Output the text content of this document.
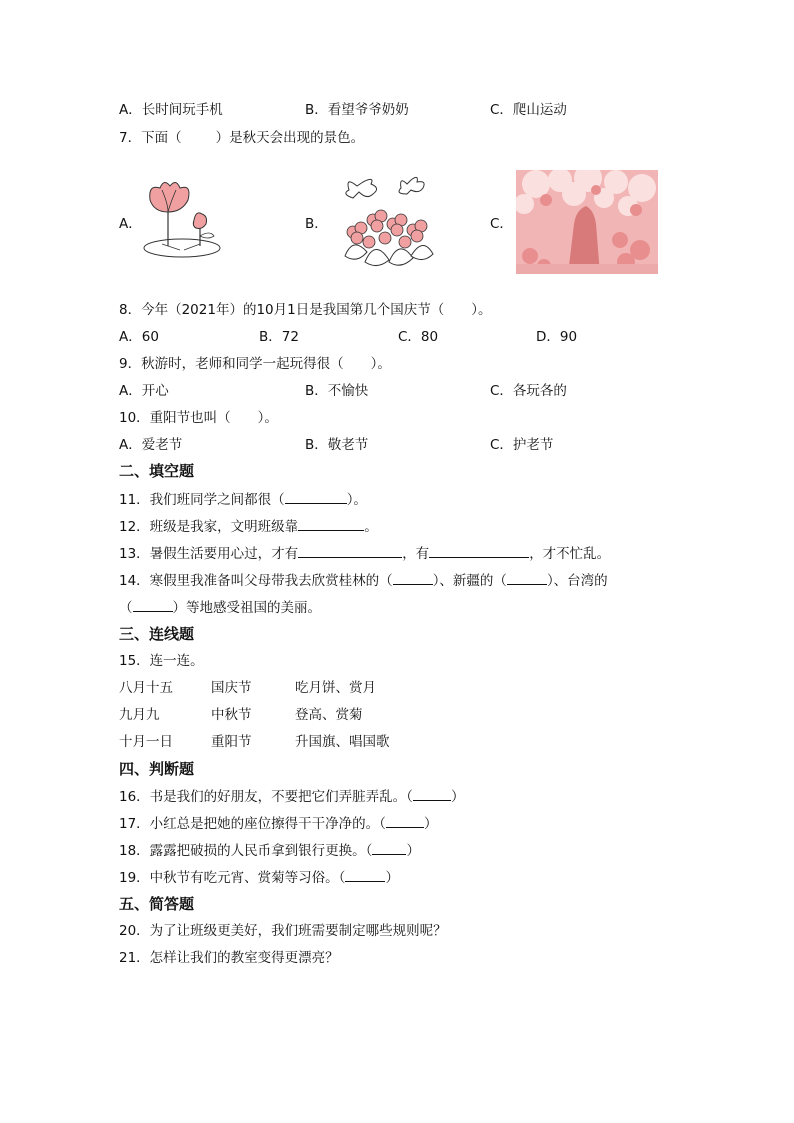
A．长时间玩手机	B．看望爷爷奶奶	C．爬山运动
7．下面（	）是秋天会出现的景色。
A．	B．	C．
8．今年（2021年）的10月1日是我国第几个国庆节（　　）。
A．60	B．72	C．80	D．90
9．秋游时，老师和同学一起玩得很（　　）。
A．开心	B．不愉快	C．各玩各的
10．重阳节也叫（　　）。
A．爱老节	B．敬老节	C．护老节
二、填空题
11．我们班同学之间都很（	）。
12．班级是我家，文明班级靠	。
13．暑假生活要用心过，才有	，有	，才不忙乱。
14．寒假里我准备叫父母带我去欣赏桂林的（	）、新疆的（	）、台湾的
（	）等地感受祖国的美丽。
三、连线题
15．连一连。
八月十五	国庆节	吃月饼、赏月
九月九	中秋节	登高、赏菊
十月一日	重阳节	升国旗、唱国歌
四、判断题
16．书是我们的好朋友，不要把它们弄脏弄乱。（	）
17．小红总是把她的座位擦得干干净净的。（	）
18．露露把破损的人民币拿到银行更换。（	）
19．中秋节有吃元宵、赏菊等习俗。（	）
五、简答题
20．为了让班级更美好，我们班需要制定哪些规则呢？
21．怎样让我们的教室变得更漂亮？
